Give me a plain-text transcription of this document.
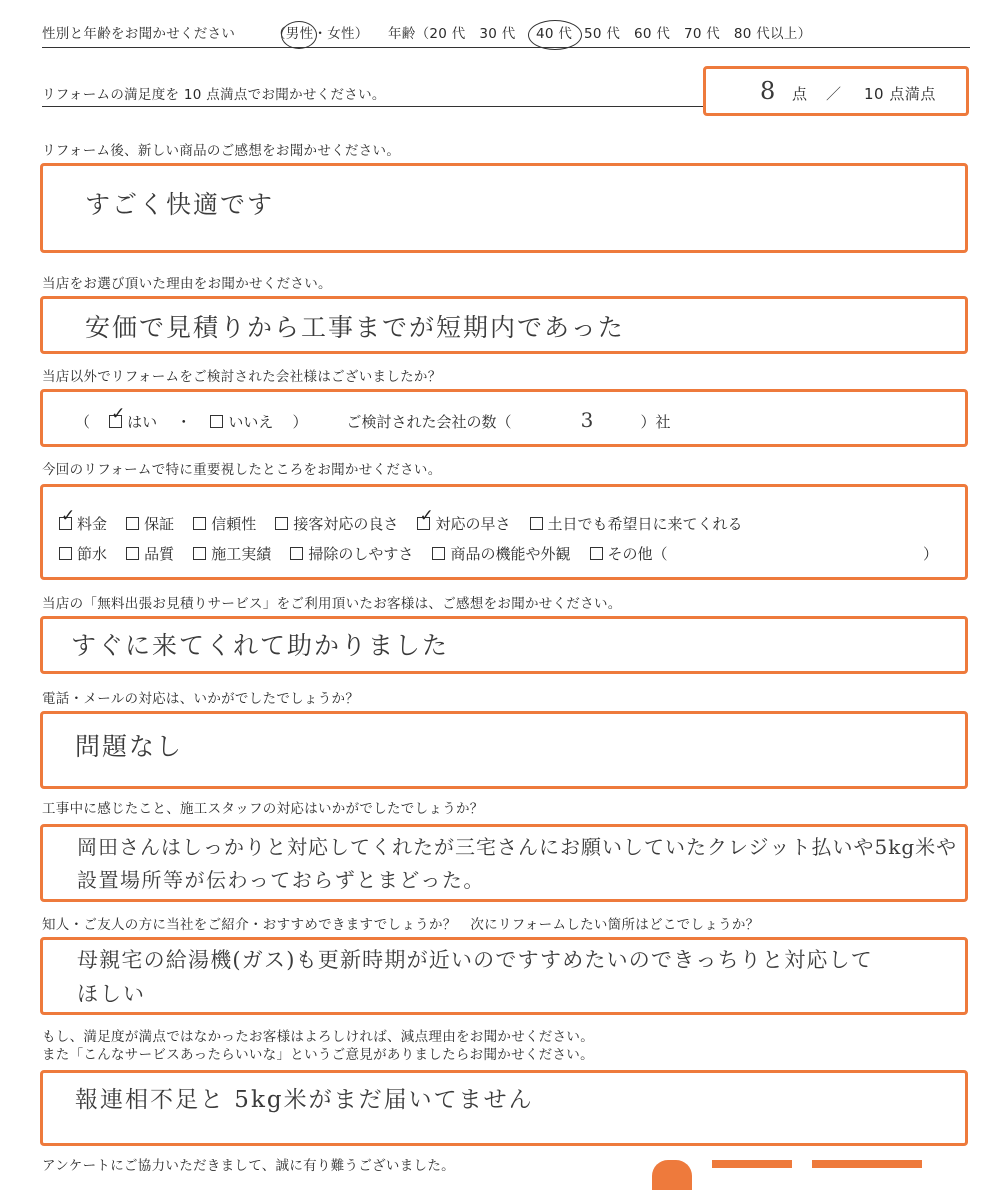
性別と年齢をお聞かせください	（男性・女性） 年齢（20 代　30 代 40 代 50 代　60 代　70 代　80 代以上）
リフォームの満足度を 10 点満点でお聞かせください。	8 点 ／ 10 点満点
リフォーム後、新しい商品のご感想をお聞かせください。
すごく快適です
当店をお選び頂いた理由をお聞かせください。
安価で見積りから工事までが短期内であった
当店以外でリフォームをご検討された会社様はございましたか？
（ ✓ はい ・ いいえ ）	ご検討された会社の数（	3	）社
今回のリフォームで特に重要視したところをお聞かせください。
✓料金 保証 信頼性 接客対応の良さ ✓ 対応の早さ 土日でも希望日に来てくれる
節水 品質 施工実績 掃除のしやすさ 商品の機能や外観 その他（	）
当店の「無料出張お見積りサービス」をご利用頂いたお客様は、ご感想をお聞かせください。
すぐに来てくれて助かりました
電話・メールの対応は、いかがでしたでしょうか？
問題なし
工事中に感じたこと、施工スタッフの対応はいかがでしたでしょうか？
岡田さんはしっかりと対応してくれたが三宅さんにお願いしていたクレジット払いや5kg米や
設置場所等が伝わっておらずとまどった。
知人・ご友人の方に当社をご紹介・おすすめできますでしょうか？　次にリフォームしたい箇所はどこでしょうか？
母親宅の給湯機(ガス)も更新時期が近いのですすめたいのできっちりと対応して
ほしい
もし、満足度が満点ではなかったお客様はよろしければ、減点理由をお聞かせください。
また「こんなサービスあったらいいな」というご意見がありましたらお聞かせください。
報連相不足と 5kg米がまだ届いてません
アンケートにご協力いただきまして、誠に有り難うございました。
